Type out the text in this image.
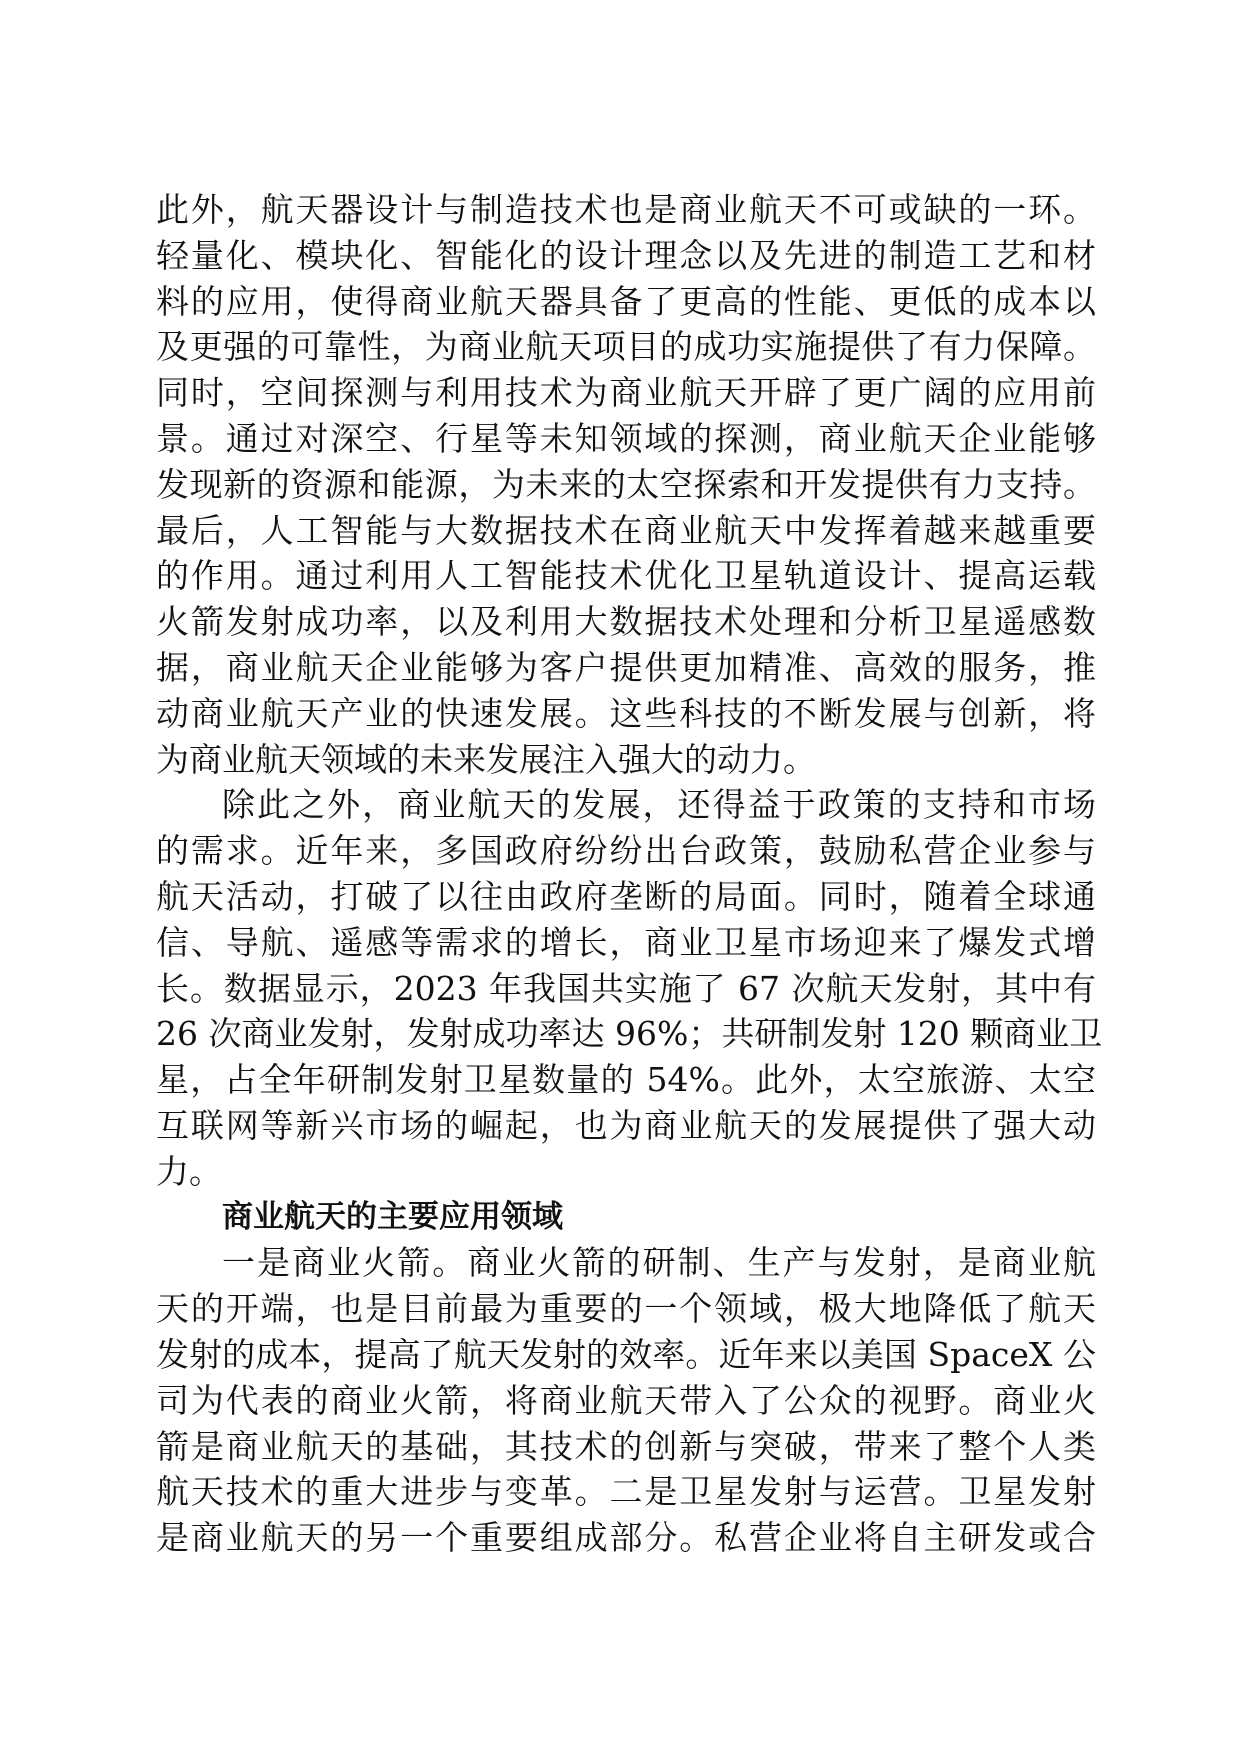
此外，航天器设计与制造技术也是商业航天不可或缺的一环。
轻量化、模块化、智能化的设计理念以及先进的制造工艺和材
料的应用，使得商业航天器具备了更高的性能、更低的成本以
及更强的可靠性，为商业航天项目的成功实施提供了有力保障。
同时，空间探测与利用技术为商业航天开辟了更广阔的应用前
景。通过对深空、行星等未知领域的探测，商业航天企业能够
发现新的资源和能源，为未来的太空探索和开发提供有力支持。
最后，人工智能与大数据技术在商业航天中发挥着越来越重要
的作用。通过利用人工智能技术优化卫星轨道设计、提高运载
火箭发射成功率，以及利用大数据技术处理和分析卫星遥感数
据，商业航天企业能够为客户提供更加精准、高效的服务，推
动商业航天产业的快速发展。这些科技的不断发展与创新，将
为商业航天领域的未来发展注入强大的动力。
除此之外，商业航天的发展，还得益于政策的支持和市场
的需求。近年来，多国政府纷纷出台政策，鼓励私营企业参与
航天活动，打破了以往由政府垄断的局面。同时，随着全球通
信、导航、遥感等需求的增长，商业卫星市场迎来了爆发式增
长。数据显示，2023 年我国共实施了 67 次航天发射，其中有
26 次商业发射，发射成功率达 96%；共研制发射 120 颗商业卫
星，占全年研制发射卫星数量的 54%。此外，太空旅游、太空
互联网等新兴市场的崛起，也为商业航天的发展提供了强大动
力。
商业航天的主要应用领域
一是商业火箭。商业火箭的研制、生产与发射，是商业航
天的开端，也是目前最为重要的一个领域，极大地降低了航天
发射的成本，提高了航天发射的效率。近年来以美国 SpaceX 公
司为代表的商业火箭，将商业航天带入了公众的视野。商业火
箭是商业航天的基础，其技术的创新与突破，带来了整个人类
航天技术的重大进步与变革。二是卫星发射与运营。卫星发射
是商业航天的另一个重要组成部分。私营企业将自主研发或合
